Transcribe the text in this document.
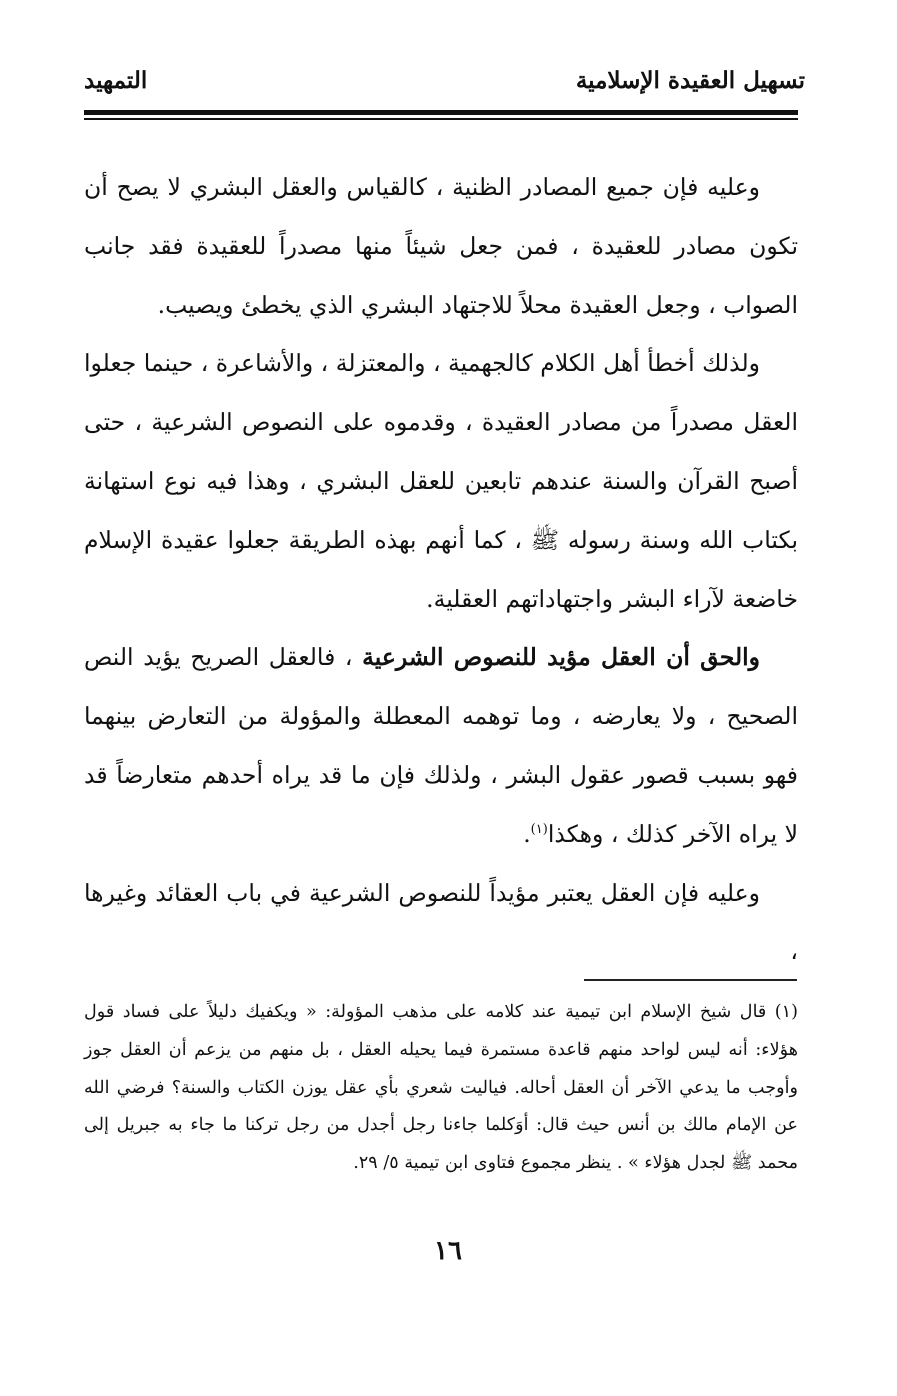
تسهيل العقيدة الإسلامية
التمهيد

وعليه فإن جميع المصادر الظنية ، كالقياس والعقل البشري لا يصح أن تكون مصادر للعقيدة ، فمن جعل شيئاً منها مصدراً للعقيدة فقد جانب الصواب ، وجعل العقيدة محلاً للاجتهاد البشري الذي يخطئ ويصيب.

ولذلك أخطأ أهل الكلام كالجهمية ، والمعتزلة ، والأشاعرة ، حينما جعلوا العقل مصدراً من مصادر العقيدة ، وقدموه على النصوص الشرعية ، حتى أصبح القرآن والسنة عندهم تابعين للعقل البشري ، وهذا فيه نوع استهانة بكتاب الله وسنة رسوله ﷺ ، كما أنهم بهذه الطريقة جعلوا عقيدة الإسلام خاضعة لآراء البشر واجتهاداتهم العقلية.

والحق أن العقل مؤيد للنصوص الشرعية ، فالعقل الصريح يؤيد النص الصحيح ، ولا يعارضه ، وما توهمه المعطلة والمؤولة من التعارض بينهما فهو بسبب قصور عقول البشر ، ولذلك فإن ما قد يراه أحدهم متعارضاً قد لا يراه الآخر كذلك ، وهكذا$^{(١)}$.

وعليه فإن العقل يعتبر مؤيداً للنصوص الشرعية في باب العقائد وغيرها ،

(١) قال شيخ الإسلام ابن تيمية عند كلامه على مذهب المؤولة: « ويكفيك دليلاً على فساد قول هؤلاء: أنه ليس لواحد منهم قاعدة مستمرة فيما يحيله العقل ، بل منهم من يزعم أن العقل جوز وأوجب ما يدعي الآخر أن العقل أحاله. فياليت شعري بأي عقل يوزن الكتاب والسنة؟ فرضي الله عن الإمام مالك بن أنس حيث قال: أوَكلما جاءنا رجل أجدل من رجل تركنا ما جاء به جبريل إلى محمد ﷺ لجدل هؤلاء » . ينظر مجموع فتاوى ابن تيمية ٥/ ٢٩.

١٦
